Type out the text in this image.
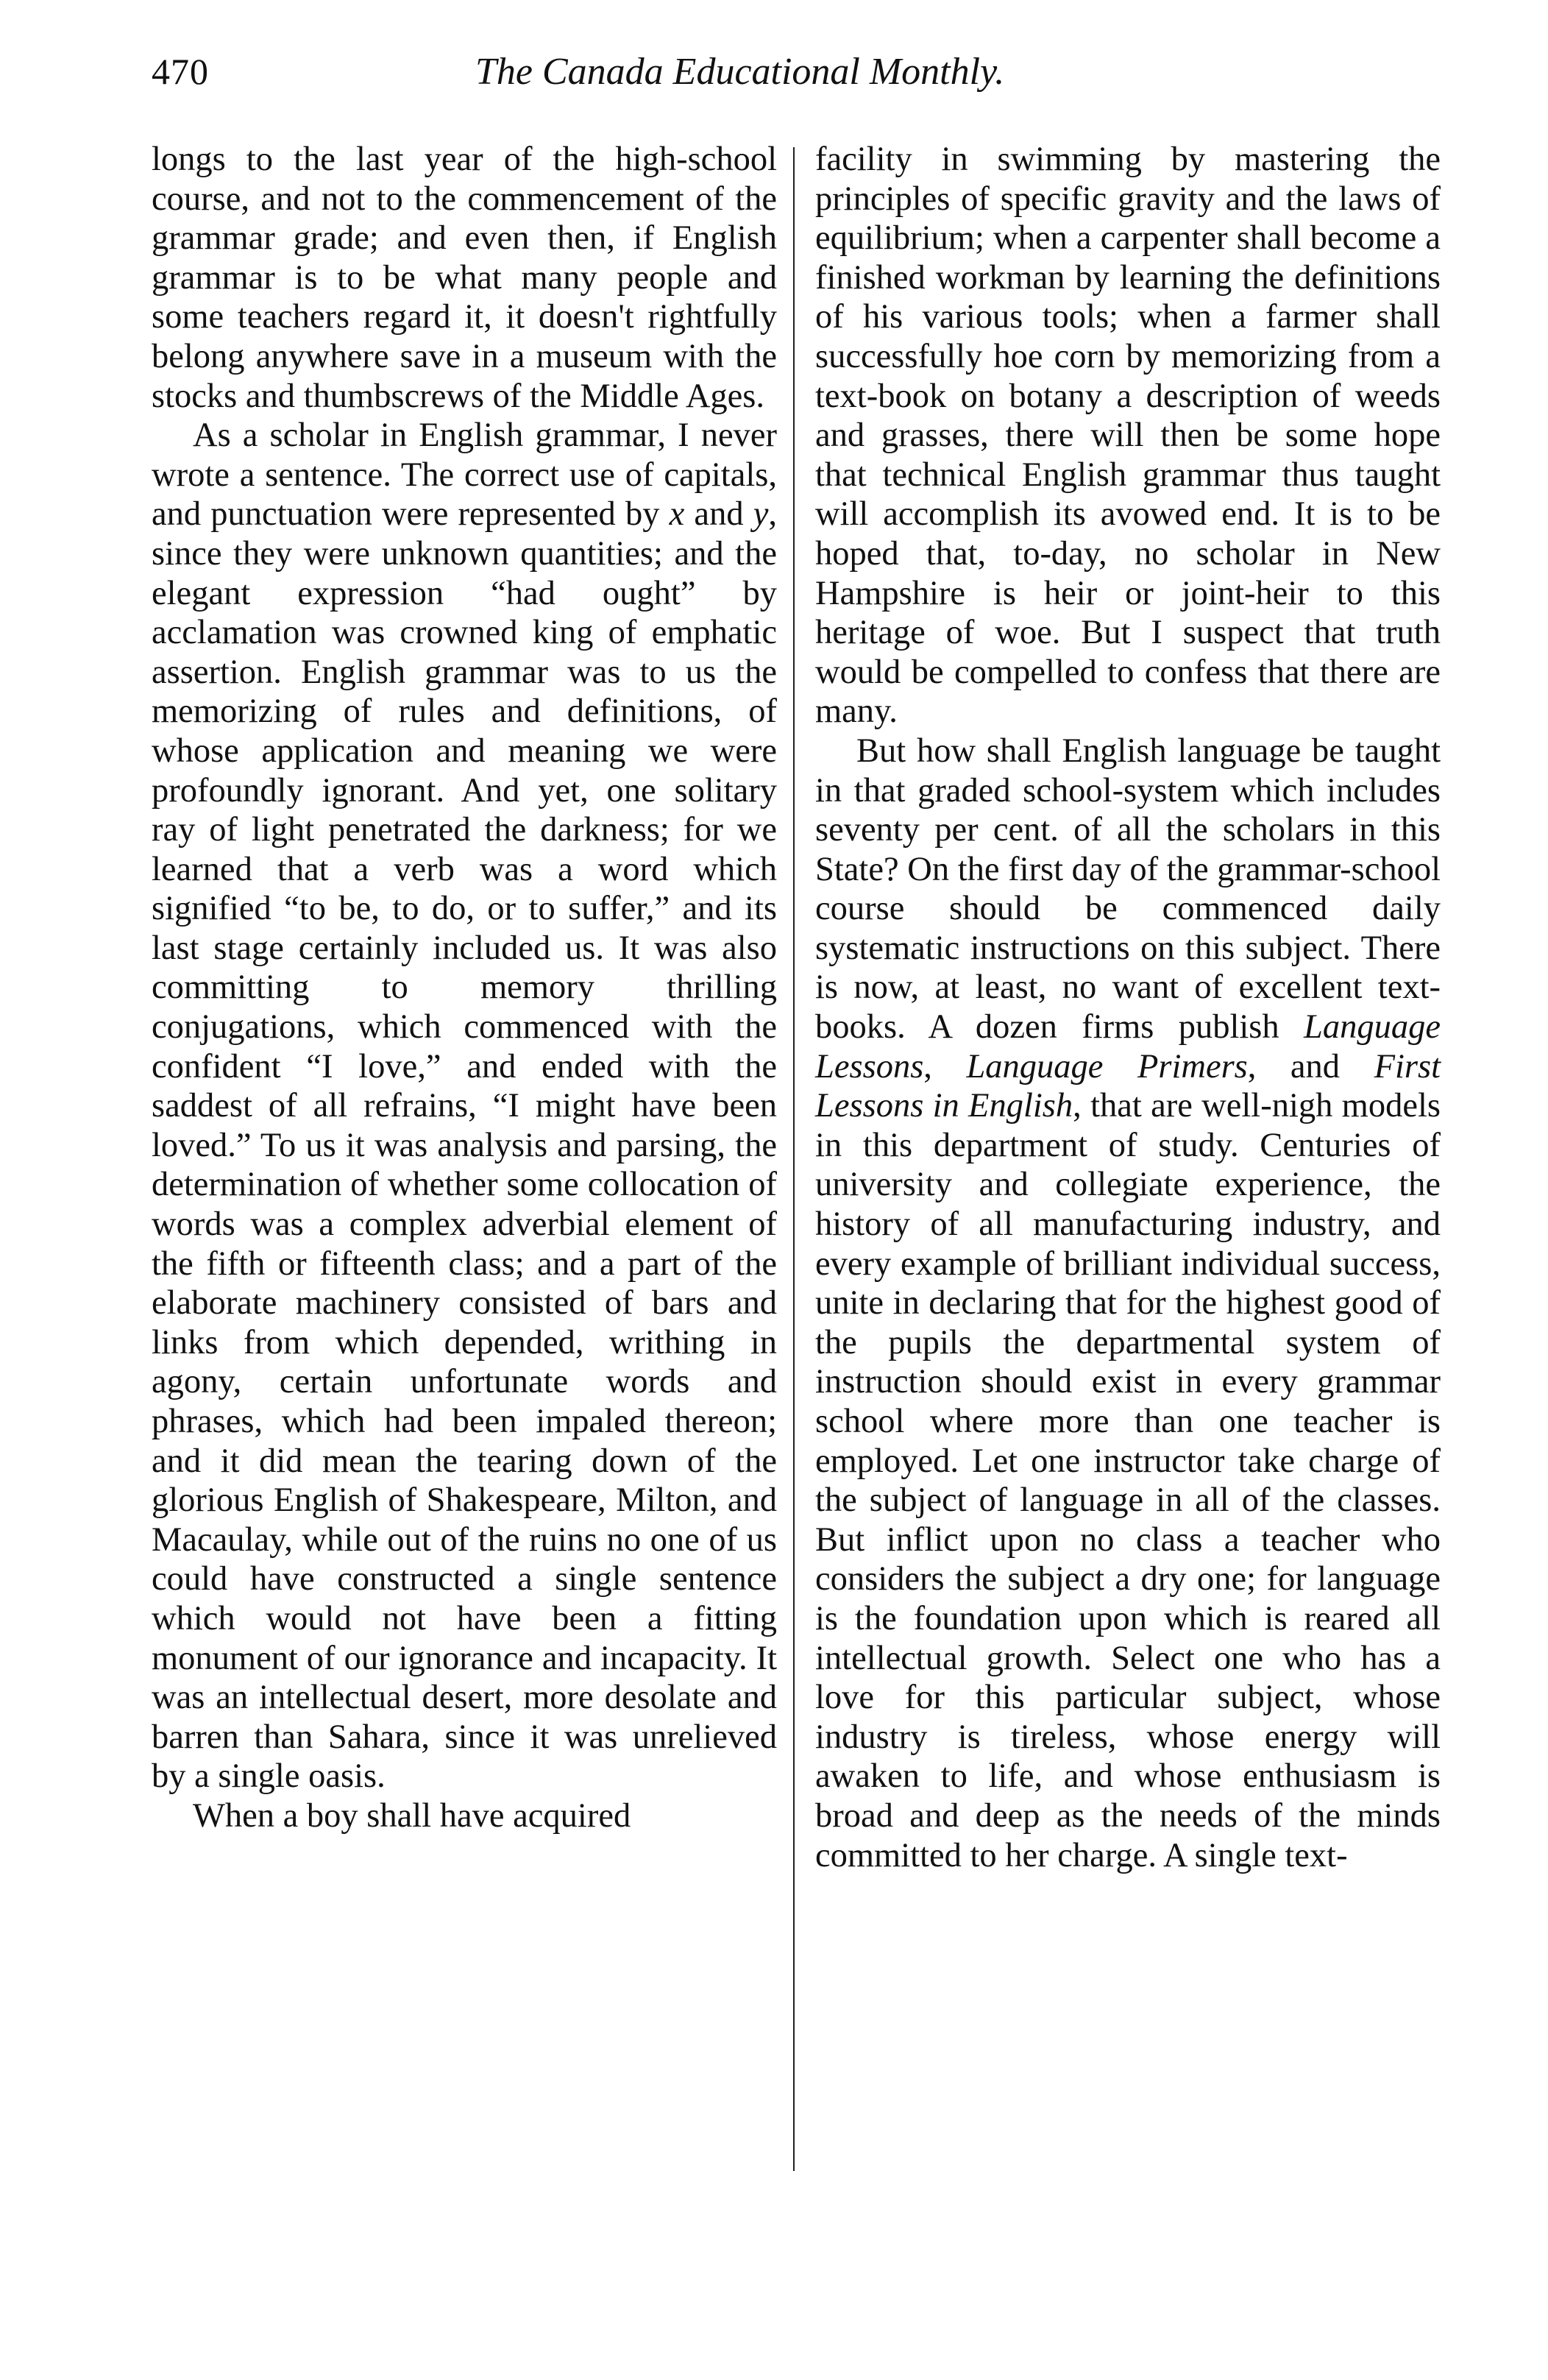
470	The Canada Educational Monthly.

longs to the last year of the high-school course, and not to the commencement of the grammar grade; and even then, if English grammar is to be what many people and some teachers regard it, it doesn't rightfully belong anywhere save in a museum with the stocks and thumbscrews of the Middle Ages.

As a scholar in English grammar, I never wrote a sentence. The correct use of capitals, and punctuation were represented by x and y, since they were unknown quantities; and the elegant expression “had ought” by acclamation was crowned king of emphatic assertion. English grammar was to us the memorizing of rules and definitions, of whose application and meaning we were profoundly ignorant. And yet, one solitary ray of light penetrated the darkness; for we learned that a verb was a word which signified “to be, to do, or to suffer,” and its last stage certainly included us. It was also committing to memory thrilling conjugations, which commenced with the confident “I love,” and ended with the saddest of all refrains, “I might have been loved.” To us it was analysis and parsing, the determination of whether some collocation of words was a complex adverbial element of the fifth or fifteenth class; and a part of the elaborate machinery consisted of bars and links from which depended, writhing in agony, certain unfortunate words and phrases, which had been impaled thereon; and it did mean the tearing down of the glorious English of Shakespeare, Milton, and Macaulay, while out of the ruins no one of us could have constructed a single sentence which would not have been a fitting monument of our ignorance and incapacity. It was an intellectual desert, more desolate and barren than Sahara, since it was unrelieved by a single oasis.

When a boy shall have acquired

facility in swimming by mastering the principles of specific gravity and the laws of equilibrium; when a carpenter shall become a finished workman by learning the definitions of his various tools; when a farmer shall successfully hoe corn by memorizing from a text-book on botany a description of weeds and grasses, there will then be some hope that technical English grammar thus taught will accomplish its avowed end. It is to be hoped that, to-day, no scholar in New Hampshire is heir or joint-heir to this heritage of woe. But I suspect that truth would be compelled to confess that there are many.

But how shall English language be taught in that graded school-system which includes seventy per cent. of all the scholars in this State? On the first day of the grammar-school course should be commenced daily systematic instructions on this subject. There is now, at least, no want of excellent text-books. A dozen firms publish Language Lessons, Language Primers, and First Lessons in English, that are well-nigh models in this department of study. Centuries of university and collegiate experience, the history of all manufacturing industry, and every example of brilliant individual success, unite in declaring that for the highest good of the pupils the departmental system of instruction should exist in every grammar school where more than one teacher is employed. Let one instructor take charge of the subject of language in all of the classes. But inflict upon no class a teacher who considers the subject a dry one; for language is the foundation upon which is reared all intellectual growth. Select one who has a love for this particular subject, whose industry is tireless, whose energy will awaken to life, and whose enthusiasm is broad and deep as the needs of the minds committed to her charge. A single text-
